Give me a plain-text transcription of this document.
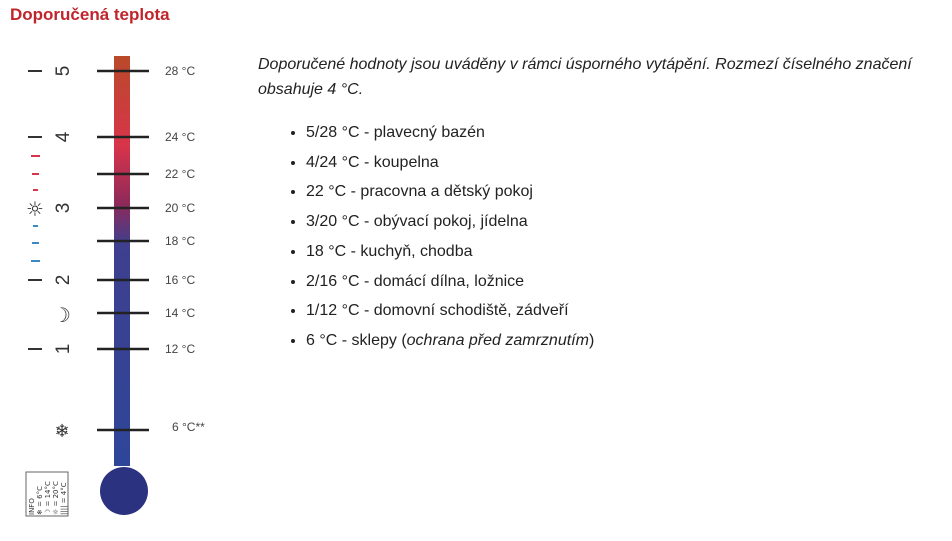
Doporučená teplota
28 °C
24 °C
22 °C
20 °C
18 °C
16 °C
14 °C
12 °C
6 °C**
5
4
3
2
1
☼
☽
❄
INFO ❄ = 6°C ☽ = 14°C ☼ = 20°C |||| = 4°C

Doporučené hodnoty jsou uváděny v rámci úsporného vytápění. Rozmezí číselného značení obsahuje 4 °C.

• 5/28 °C - plavecný bazén
• 4/24 °C - koupelna
• 22 °C - pracovna a dětský pokoj
• 3/20 °C - obývací pokoj, jídelna
• 18 °C - kuchyň, chodba
• 2/16 °C - domácí dílna, ložnice
• 1/12 °C - domovní schodiště, zádveří
• 6 °C - sklepy (ochrana před zamrznutím)
